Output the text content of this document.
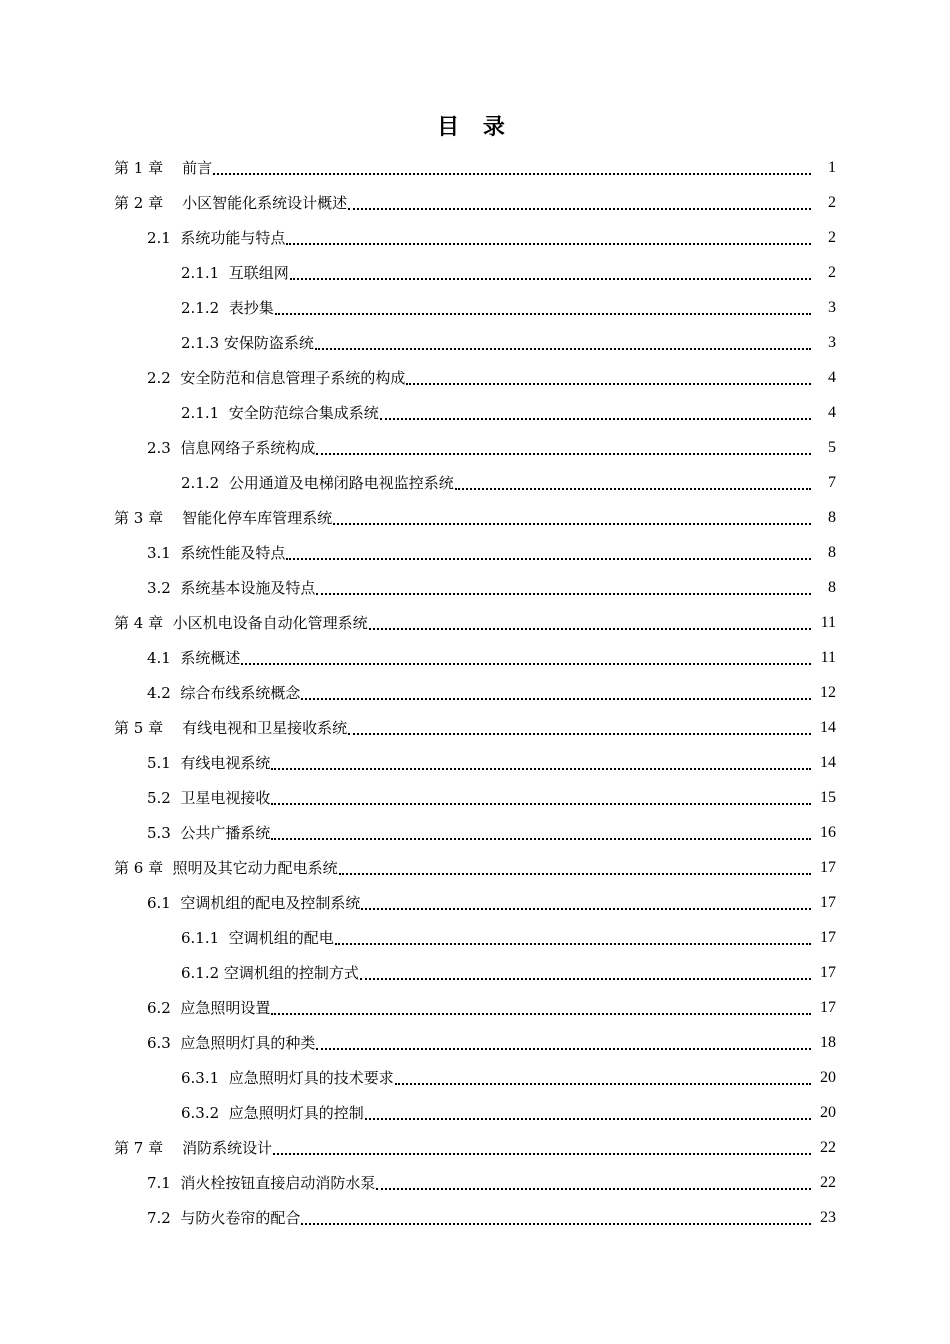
目 录
第 1 章    前言	1
第 2 章    小区智能化系统设计概述	2
2.1  系统功能与特点	2
2.1.1  互联组网	2
2.1.2  表抄集	3
2.1.3 安保防盗系统	3
2.2  安全防范和信息管理子系统的构成	4
2.1.1  安全防范综合集成系统	4
2.3  信息网络子系统构成	5
2.1.2  公用通道及电梯闭路电视监控系统	7
第 3 章    智能化停车库管理系统	8
3.1  系统性能及特点	8
3.2  系统基本设施及特点	8
第 4 章  小区机电设备自动化管理系统	11
4.1  系统概述	11
4.2  综合布线系统概念	12
第 5 章    有线电视和卫星接收系统	14
5.1  有线电视系统	14
5.2  卫星电视接收	15
5.3  公共广播系统	16
第 6 章  照明及其它动力配电系统	17
6.1  空调机组的配电及控制系统	17
6.1.1  空调机组的配电	17
6.1.2 空调机组的控制方式	17
6.2  应急照明设置	17
6.3  应急照明灯具的种类	18
6.3.1  应急照明灯具的技术要求	20
6.3.2  应急照明灯具的控制	20
第 7 章    消防系统设计	22
7.1  消火栓按钮直接启动消防水泵	22
7.2  与防火卷帘的配合	23
